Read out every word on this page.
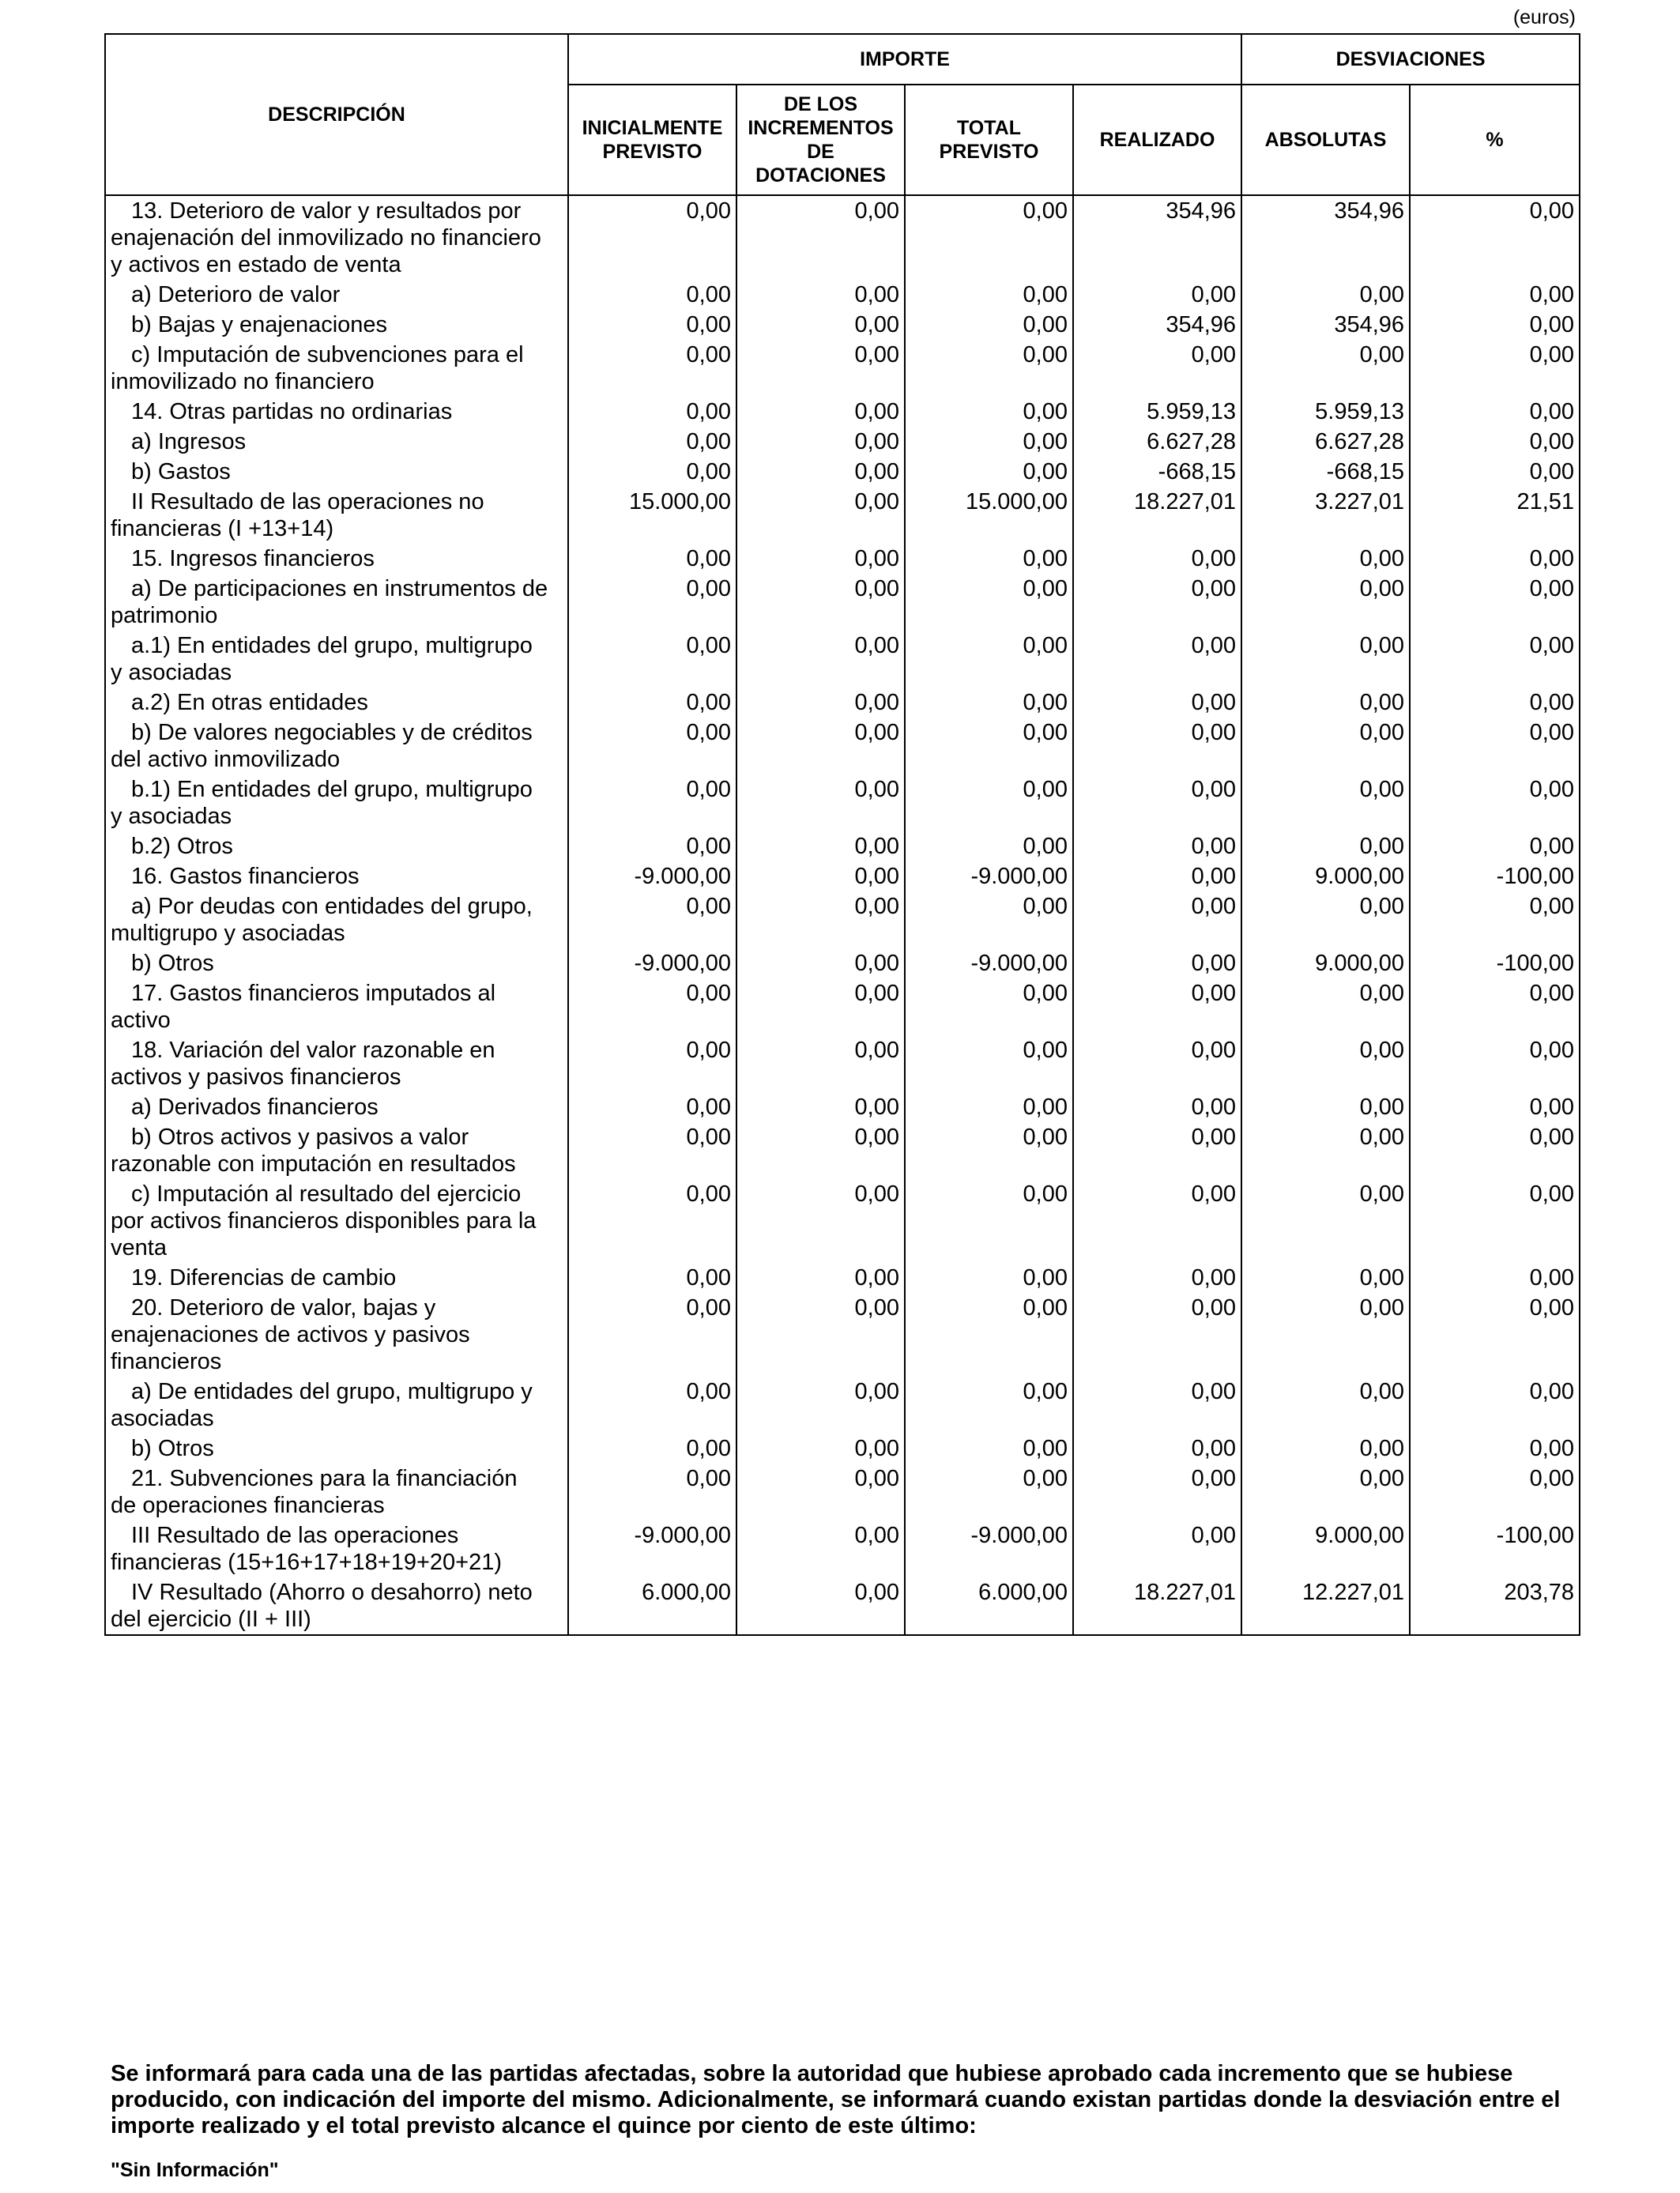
(euros)
DESCRIPCIÓN	IMPORTE				DESVIACIONES	
	INICIALMENTE PREVISTO	DE LOS INCREMENTOS DE DOTACIONES	TOTAL PREVISTO	REALIZADO	ABSOLUTAS	%
13. Deterioro de valor y resultados por enajenación del inmovilizado no financiero y activos en estado de venta	0,00	0,00	0,00	354,96	354,96	0,00
a) Deterioro de valor	0,00	0,00	0,00	0,00	0,00	0,00
b) Bajas y enajenaciones	0,00	0,00	0,00	354,96	354,96	0,00
c) Imputación de subvenciones para el inmovilizado no financiero	0,00	0,00	0,00	0,00	0,00	0,00
14. Otras partidas no ordinarias	0,00	0,00	0,00	5.959,13	5.959,13	0,00
a) Ingresos	0,00	0,00	0,00	6.627,28	6.627,28	0,00
b) Gastos	0,00	0,00	0,00	-668,15	-668,15	0,00
II Resultado de las operaciones no financieras (I +13+14)	15.000,00	0,00	15.000,00	18.227,01	3.227,01	21,51
15. Ingresos financieros	0,00	0,00	0,00	0,00	0,00	0,00
a) De participaciones en instrumentos de patrimonio	0,00	0,00	0,00	0,00	0,00	0,00
a.1) En entidades del grupo, multigrupo y asociadas	0,00	0,00	0,00	0,00	0,00	0,00
a.2) En otras entidades	0,00	0,00	0,00	0,00	0,00	0,00
b) De valores negociables y de créditos del activo inmovilizado	0,00	0,00	0,00	0,00	0,00	0,00
b.1) En entidades del grupo, multigrupo y asociadas	0,00	0,00	0,00	0,00	0,00	0,00
b.2) Otros	0,00	0,00	0,00	0,00	0,00	0,00
16. Gastos financieros	-9.000,00	0,00	-9.000,00	0,00	9.000,00	-100,00
a) Por deudas con entidades del grupo, multigrupo y asociadas	0,00	0,00	0,00	0,00	0,00	0,00
b) Otros	-9.000,00	0,00	-9.000,00	0,00	9.000,00	-100,00
17. Gastos financieros imputados al activo	0,00	0,00	0,00	0,00	0,00	0,00
18. Variación del valor razonable en activos y pasivos financieros	0,00	0,00	0,00	0,00	0,00	0,00
a) Derivados financieros	0,00	0,00	0,00	0,00	0,00	0,00
b) Otros activos y pasivos a valor razonable con imputación en resultados	0,00	0,00	0,00	0,00	0,00	0,00
c) Imputación al resultado del ejercicio por activos financieros disponibles para la venta	0,00	0,00	0,00	0,00	0,00	0,00
19. Diferencias de cambio	0,00	0,00	0,00	0,00	0,00	0,00
20. Deterioro de valor, bajas y enajenaciones de activos y pasivos financieros	0,00	0,00	0,00	0,00	0,00	0,00
a) De entidades del grupo, multigrupo y asociadas	0,00	0,00	0,00	0,00	0,00	0,00
b) Otros	0,00	0,00	0,00	0,00	0,00	0,00
21. Subvenciones para la financiación de operaciones financieras	0,00	0,00	0,00	0,00	0,00	0,00
III Resultado de las operaciones financieras (15+16+17+18+19+20+21)	-9.000,00	0,00	-9.000,00	0,00	9.000,00	-100,00
IV Resultado (Ahorro o desahorro) neto del ejercicio (II + III)	6.000,00	0,00	6.000,00	18.227,01	12.227,01	203,78
Se informará para cada una de las partidas afectadas, sobre la autoridad que hubiese aprobado cada incremento que se hubiese producido, con indicación del importe del mismo. Adicionalmente, se informará cuando existan partidas donde la desviación entre el importe realizado y el total previsto alcance el quince por ciento de este último:
"Sin Información"
